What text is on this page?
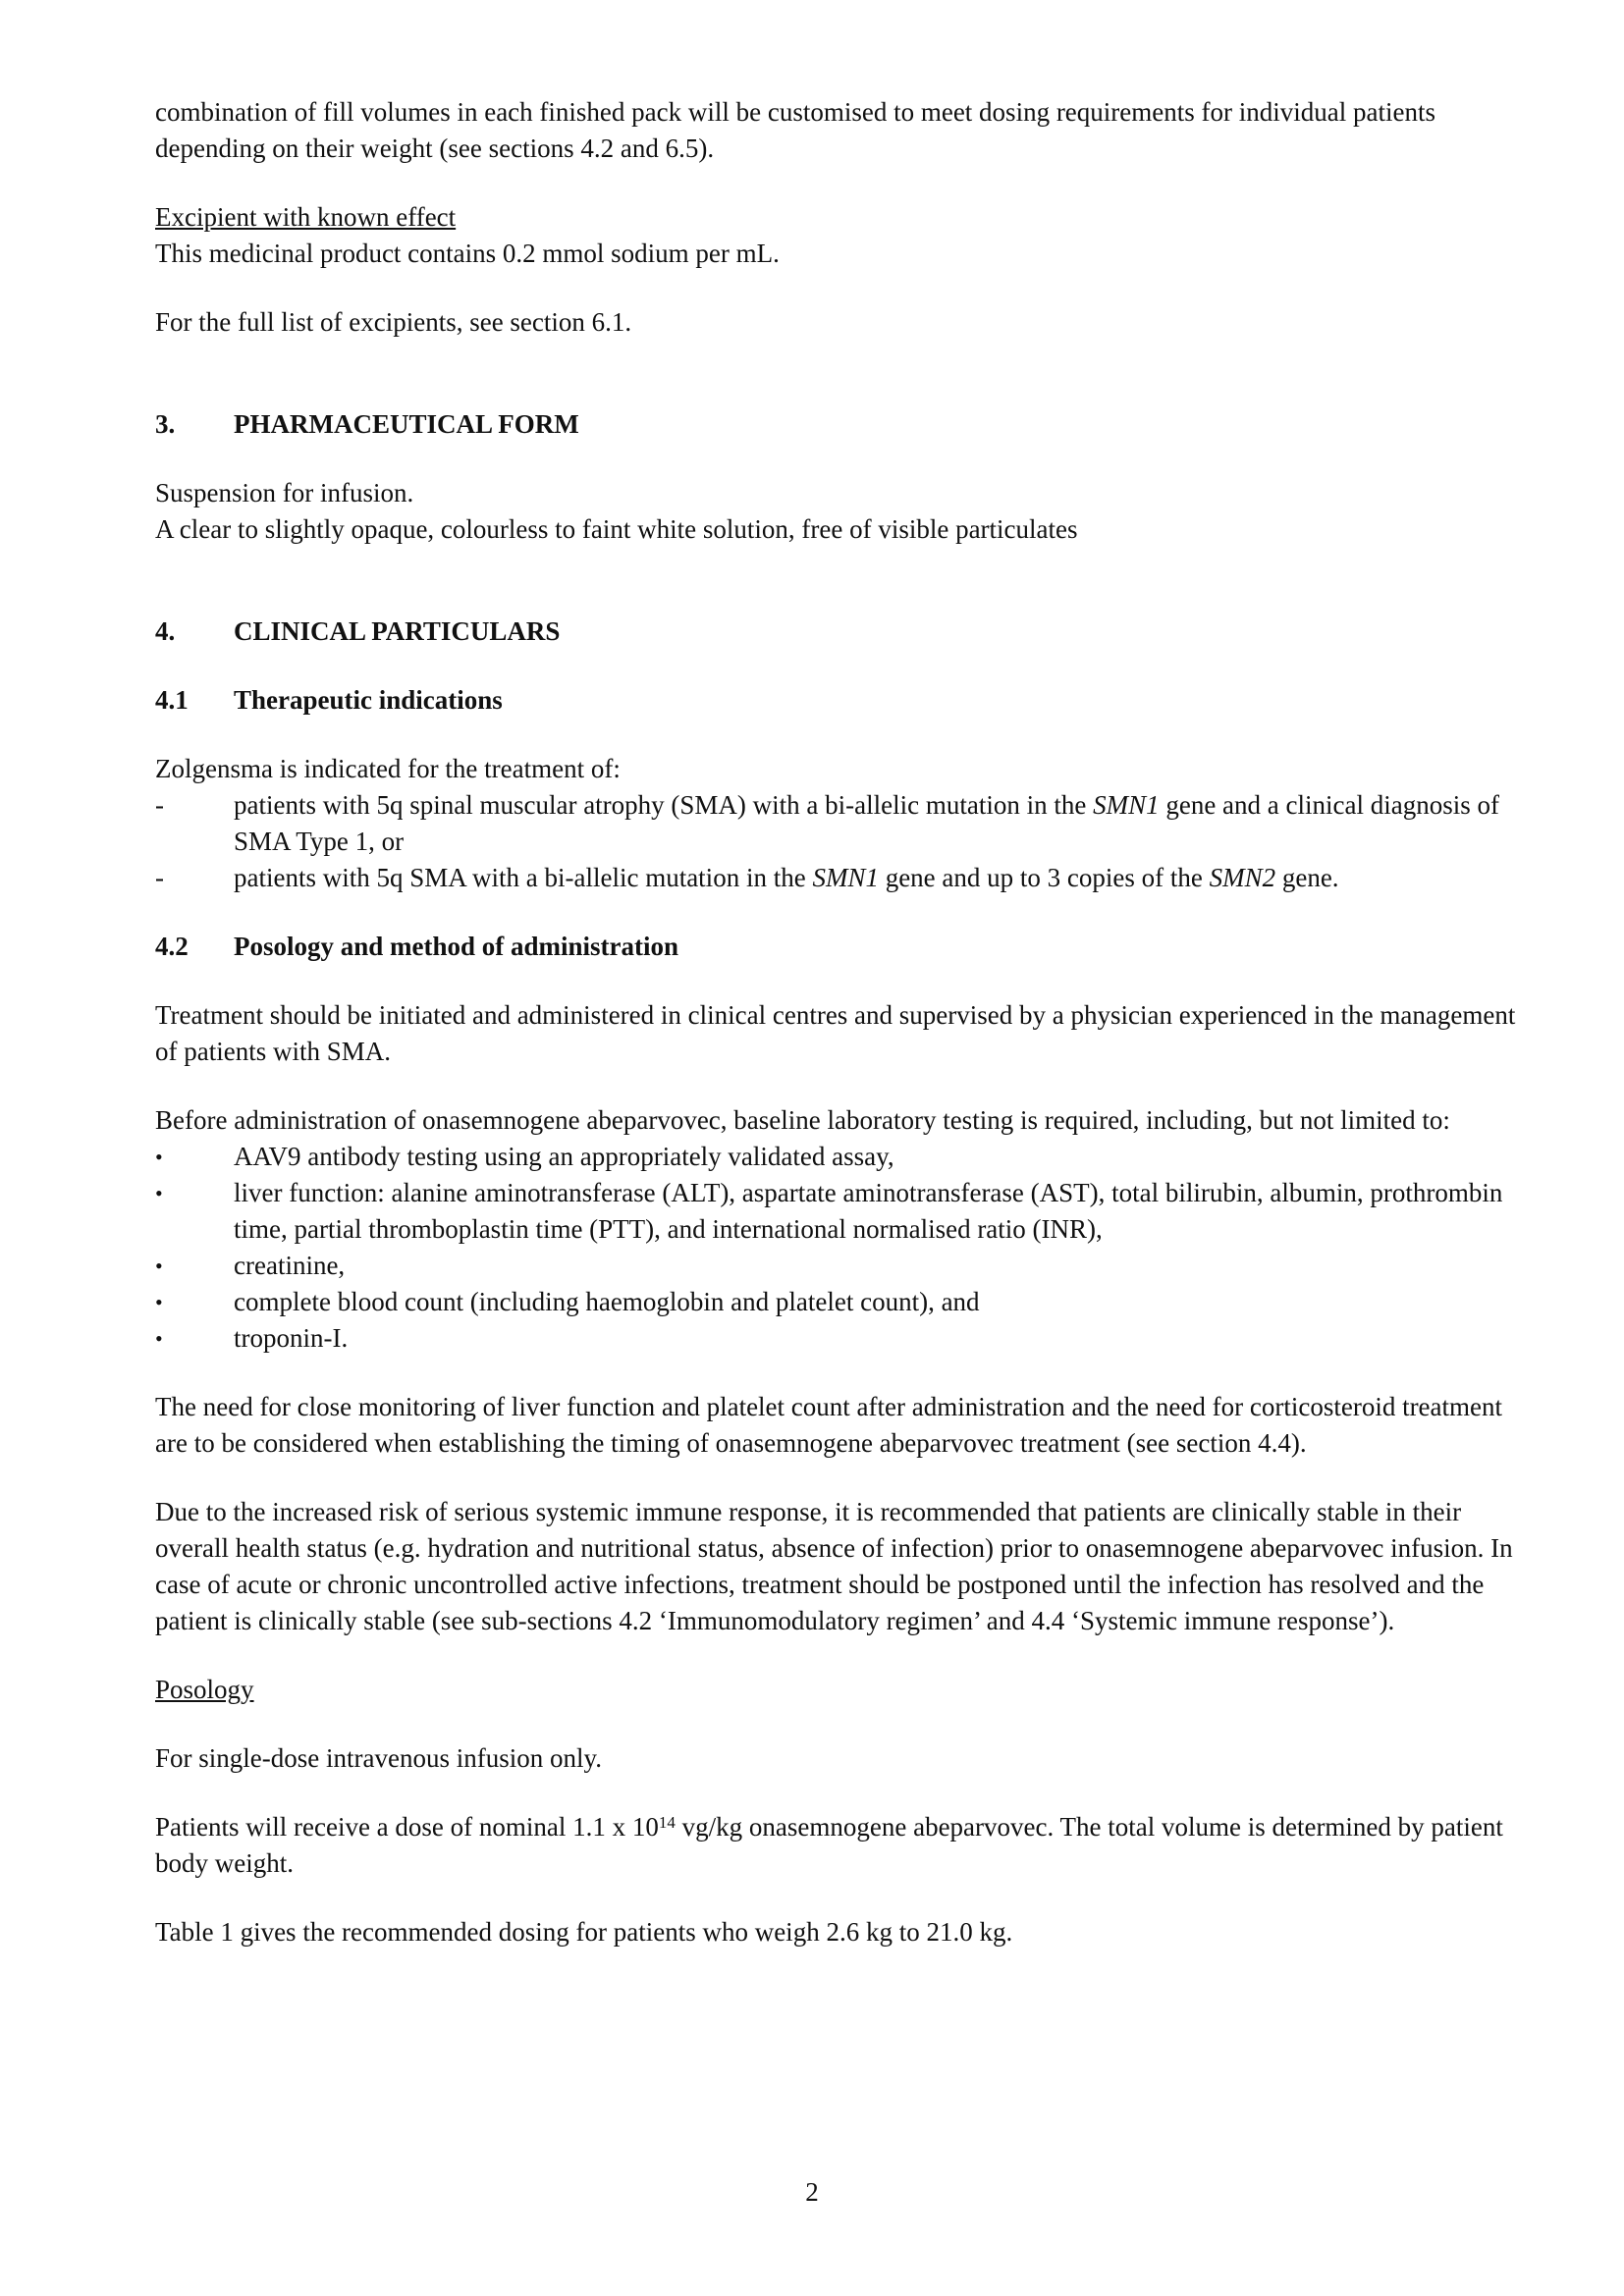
combination of fill volumes in each finished pack will be customised to meet dosing requirements for individual patients depending on their weight (see sections 4.2 and 6.5).

Excipient with known effect

This medicinal product contains 0.2 mmol sodium per mL.

For the full list of excipients, see section 6.1.

3.	PHARMACEUTICAL FORM

Suspension for infusion.

A clear to slightly opaque, colourless to faint white solution, free of visible particulates

4.	CLINICAL PARTICULARS
4.1	Therapeutic indications

Zolgensma is indicated for the treatment of:

-	patients with 5q spinal muscular atrophy (SMA) with a bi-allelic mutation in the SMN1 gene and a clinical diagnosis of SMA Type 1, or
-	patients with 5q SMA with a bi-allelic mutation in the SMN1 gene and up to 3 copies of the SMN2 gene.
4.2	Posology and method of administration

Treatment should be initiated and administered in clinical centres and supervised by a physician experienced in the management of patients with SMA.

Before administration of onasemnogene abeparvovec, baseline laboratory testing is required, including, but not limited to:

•	AAV9 antibody testing using an appropriately validated assay,
•	liver function: alanine aminotransferase (ALT), aspartate aminotransferase (AST), total bilirubin, albumin, prothrombin time, partial thromboplastin time (PTT), and international normalised ratio (INR),
•	creatinine,
•	complete blood count (including haemoglobin and platelet count), and
•	troponin-I.

The need for close monitoring of liver function and platelet count after administration and the need for corticosteroid treatment are to be considered when establishing the timing of onasemnogene abeparvovec treatment (see section 4.4).

Due to the increased risk of serious systemic immune response, it is recommended that patients are clinically stable in their overall health status (e.g. hydration and nutritional status, absence of infection) prior to onasemnogene abeparvovec infusion. In case of acute or chronic uncontrolled active infections, treatment should be postponed until the infection has resolved and the patient is clinically stable (see sub-sections 4.2 ‘Immunomodulatory regimen’ and 4.4 ‘Systemic immune response’).

Posology

For single-dose intravenous infusion only.

Patients will receive a dose of nominal 1.1 x $10^{14}$ vg/kg onasemnogene abeparvovec. The total volume is determined by patient body weight.

Table 1 gives the recommended dosing for patients who weigh 2.6 kg to 21.0 kg.

2
